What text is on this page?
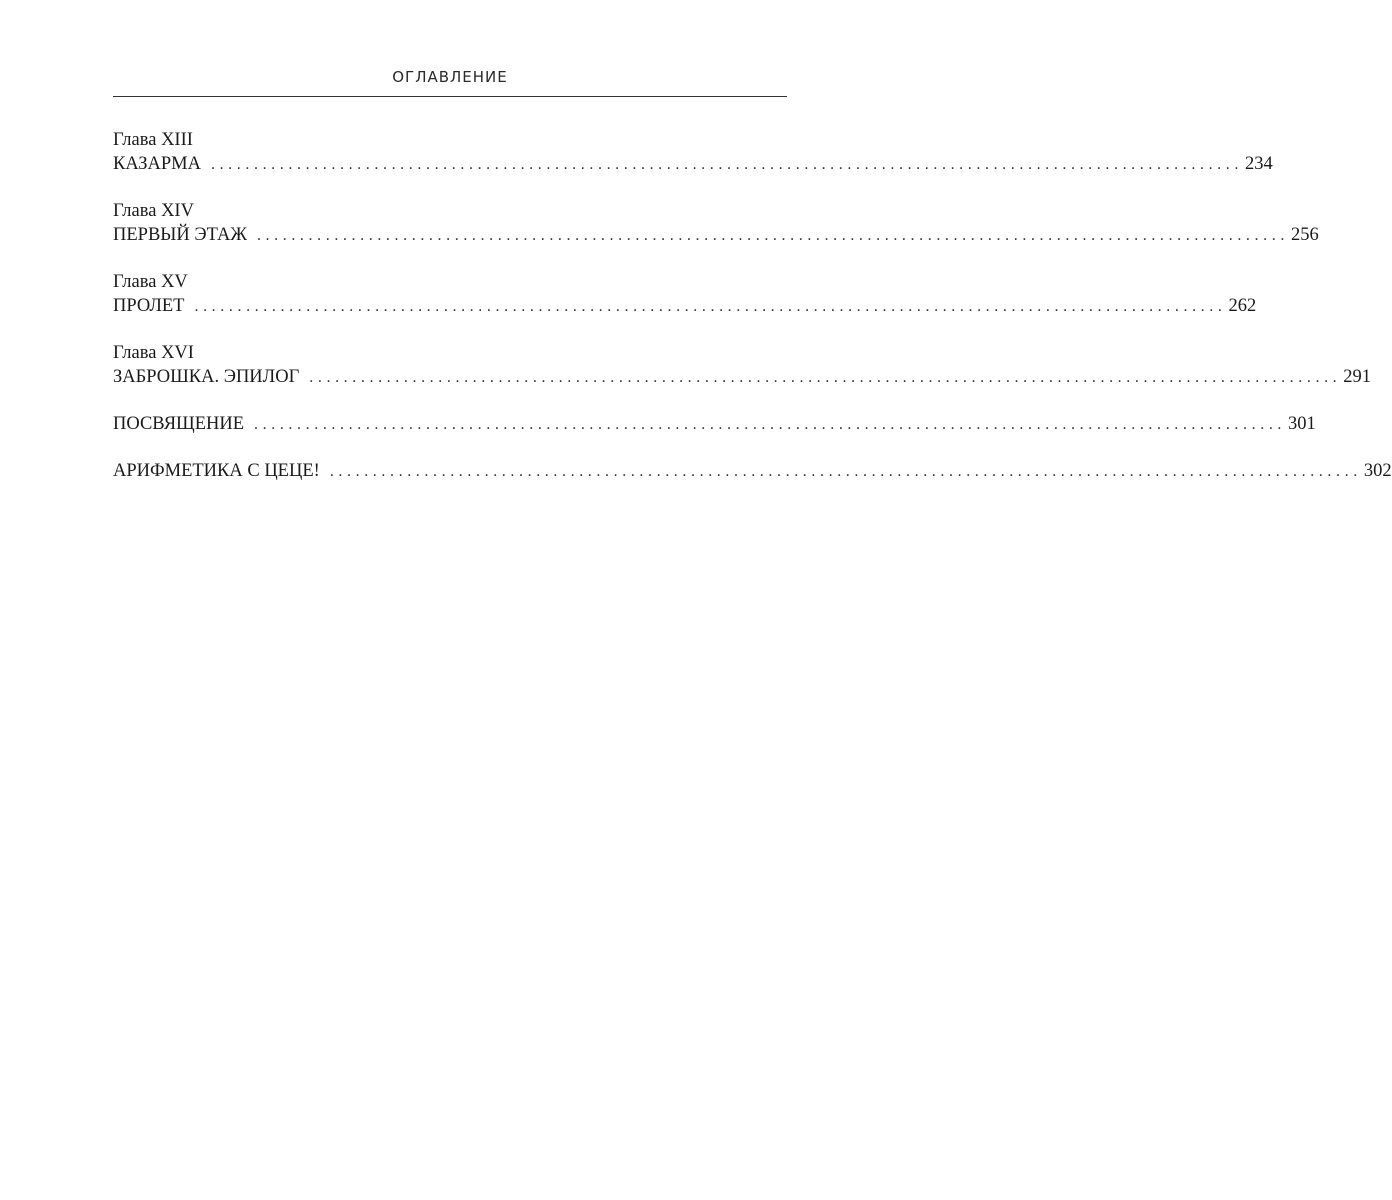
ОГЛАВЛЕНИЕ
Глава XIII
КАЗАРМА ........................................................................................................................ 234
Глава XIV
ПЕРВЫЙ ЭТАЖ ........................................................................................................................ 256
Глава XV
ПРОЛЕТ ........................................................................................................................ 262
Глава XVI
ЗАБРОШКА. ЭПИЛОГ ........................................................................................................................ 291
ПОСВЯЩЕНИЕ ........................................................................................................................ 301
АРИФМЕТИКА С ЦЕЦЕ! ........................................................................................................................ 302
